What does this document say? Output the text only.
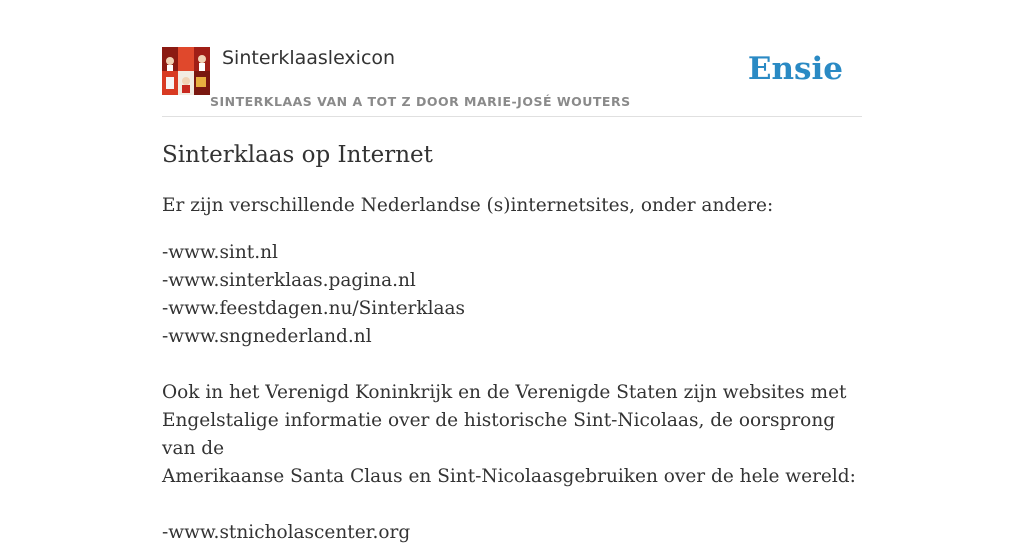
Sinterklaaslexicon
SINTERKLAAS VAN A TOT Z DOOR MARIE-JOSÉ WOUTERS
Ensie
Sinterklaas op Internet

Er zijn verschillende Nederlandse (s)internetsites, onder andere:

-www.sint.nl
-www.sinterklaas.pagina.nl
-www.feestdagen.nu/Sinterklaas
-www.sngnederland.nl

Ook in het Verenigd Koninkrijk en de Verenigde Staten zijn websites met
Engelstalige informatie over de historische Sint-Nicolaas, de oorsprong van de
Amerikaanse Santa Claus en Sint-Nicolaasgebruiken over de hele wereld:

-www.stnicholascenter.org
